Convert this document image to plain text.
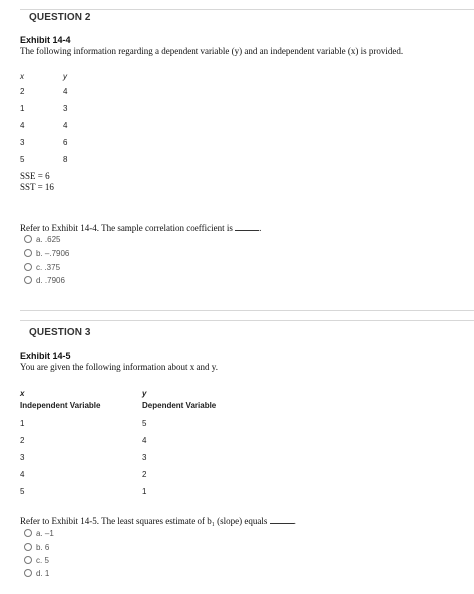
QUESTION 2
Exhibit 14-4
The following information regarding a dependent variable (y) and an independent variable (x) is provided.
x	y
2	4
1	3
4	4
3	6
5	8
SSE = 6
SST = 16
Refer to Exhibit 14-4. The sample correlation coefficient is	.
a. .625
b. –.7906
c. .375
d. .7906
QUESTION 3
Exhibit 14-5
You are given the following information about x and y.
x	y
Independent Variable	Dependent Variable
1	5
2	4
3	3
4	2
5	1
Refer to Exhibit 14-5. The least squares estimate of b₁ (slope) equals	.
a. –1
b. 6
c. 5
d. 1
